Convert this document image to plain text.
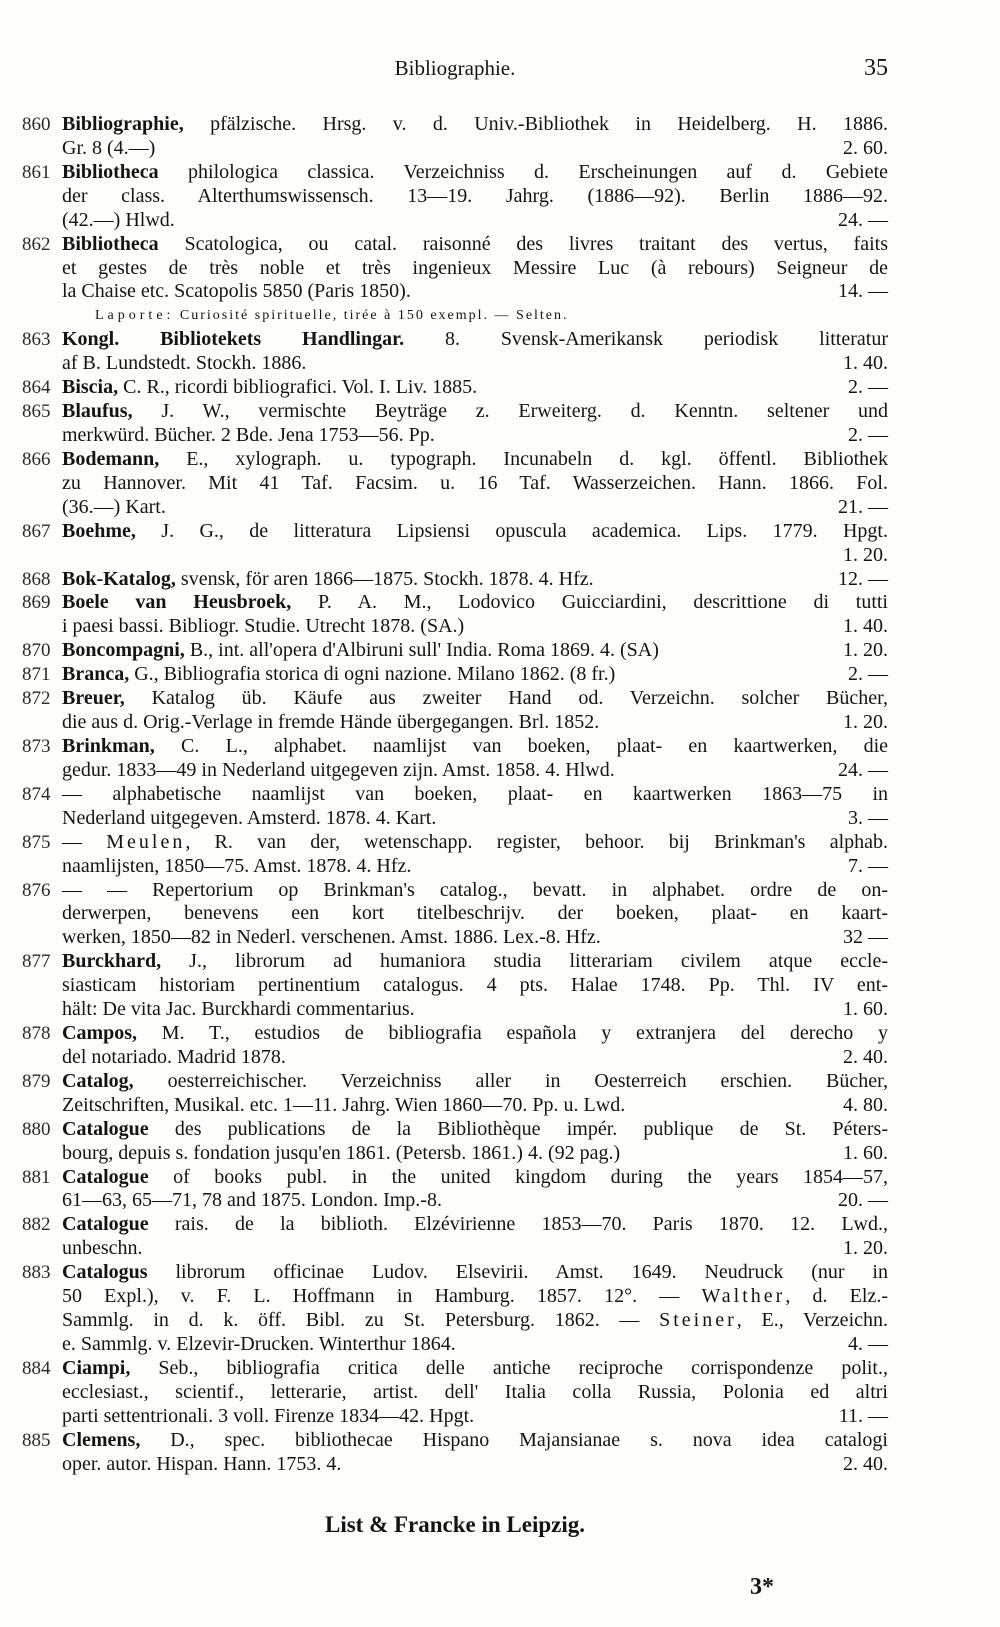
Bibliographie.	35
860 Bibliographie, pfälzische. Hrsg. v. d. Univ.-Bibliothek in Heidelberg. H. 1886.
Gr. 8 (4.—)	2. 60.
861 Bibliotheca philologica classica. Verzeichniss d. Erscheinungen auf d. Gebiete
der class. Alterthumswissensch. 13—19. Jahrg. (1886—92). Berlin 1886—92.
(42.—) Hlwd.	24. —
862 Bibliotheca Scatologica, ou catal. raisonné des livres traitant des vertus, faits
et gestes de très noble et très ingenieux Messire Luc (à rebours) Seigneur de
la Chaise etc. Scatopolis 5850 (Paris 1850).	14. —
Laporte: Curiosité spirituelle, tirée à 150 exempl. — Selten.
863 Kongl. Bibliotekets Handlingar. 8. Svensk-Amerikansk periodisk litteratur
af B. Lundstedt. Stockh. 1886.	1. 40.
864 Biscia, C. R., ricordi bibliografici. Vol. I. Liv. 1885.	2. —
865 Blaufus, J. W., vermischte Beyträge z. Erweiterg. d. Kenntn. seltener und
merkwürd. Bücher. 2 Bde. Jena 1753—56. Pp.	2. —
866 Bodemann, E., xylograph. u. typograph. Incunabeln d. kgl. öffentl. Bibliothek
zu Hannover. Mit 41 Taf. Facsim. u. 16 Taf. Wasserzeichen. Hann. 1866. Fol.
(36.—) Kart.	21. —
867 Boehme, J. G., de litteratura Lipsiensi opuscula academica. Lips. 1779. Hpgt.
1. 20.
868 Bok-Katalog, svensk, för aren 1866—1875. Stockh. 1878. 4. Hfz.	12. —
869 Boele van Heusbroek, P. A. M., Lodovico Guicciardini, descrittione di tutti
i paesi bassi. Bibliogr. Studie. Utrecht 1878. (SA.)	1. 40.
870 Boncompagni, B., int. all'opera d'Albiruni sull' India. Roma 1869. 4. (SA)	1. 20.
871 Branca, G., Bibliografia storica di ogni nazione. Milano 1862. (8 fr.)	2. —
872 Breuer, Katalog üb. Käufe aus zweiter Hand od. Verzeichn. solcher Bücher,
die aus d. Orig.-Verlage in fremde Hände übergegangen. Brl. 1852.	1. 20.
873 Brinkman, C. L., alphabet. naamlijst van boeken, plaat- en kaartwerken, die
gedur. 1833—49 in Nederland uitgegeven zijn. Amst. 1858. 4. Hlwd.	24. —
874 — alphabetische naamlijst van boeken, plaat- en kaartwerken 1863—75 in
Nederland uitgegeven. Amsterd. 1878. 4. Kart.	3. —
875 — Meulen, R. van der, wetenschapp. register, behoor. bij Brinkman's alphab.
naamlijsten, 1850—75. Amst. 1878. 4. Hfz.	7. —
876 — — Repertorium op Brinkman's catalog., bevatt. in alphabet. ordre de on-
derwerpen, benevens een kort titelbeschrijv. der boeken, plaat- en kaart-
werken, 1850—82 in Nederl. verschenen. Amst. 1886. Lex.-8. Hfz.	32 —
877 Burckhard, J., librorum ad humaniora studia litterariam civilem atque eccle-
siasticam historiam pertinentium catalogus. 4 pts. Halae 1748. Pp. Thl. IV ent-
hält: De vita Jac. Burckhardi commentarius.	1. 60.
878 Campos, M. T., estudios de bibliografia española y extranjera del derecho y
del notariado. Madrid 1878.	2. 40.
879 Catalog, oesterreichischer. Verzeichniss aller in Oesterreich erschien. Bücher,
Zeitschriften, Musikal. etc. 1—11. Jahrg. Wien 1860—70. Pp. u. Lwd.	4. 80.
880 Catalogue des publications de la Bibliothèque impér. publique de St. Péters-
bourg, depuis s. fondation jusqu'en 1861. (Petersb. 1861.) 4. (92 pag.)	1. 60.
881 Catalogue of books publ. in the united kingdom during the years 1854—57,
61—63, 65—71, 78 and 1875. London. Imp.-8.	20. —
882 Catalogue rais. de la biblioth. Elzévirienne 1853—70. Paris 1870. 12. Lwd.,
unbeschn.	1. 20.
883 Catalogus librorum officinae Ludov. Elsevirii. Amst. 1649. Neudruck (nur in
50 Expl.), v. F. L. Hoffmann in Hamburg. 1857. 12°. — Walther, d. Elz.-
Sammlg. in d. k. öff. Bibl. zu St. Petersburg. 1862. — Steiner, E., Verzeichn.
e. Sammlg. v. Elzevir-Drucken. Winterthur 1864.	4. —
884 Ciampi, Seb., bibliografia critica delle antiche reciproche corrispondenze polit.,
ecclesiast., scientif., letterarie, artist. dell' Italia colla Russia, Polonia ed altri
parti settentrionali. 3 voll. Firenze 1834—42. Hpgt.	11. —
885 Clemens, D., spec. bibliothecae Hispano Majansianae s. nova idea catalogi
oper. autor. Hispan. Hann. 1753. 4.	2. 40.
List & Francke in Leipzig.
3*
